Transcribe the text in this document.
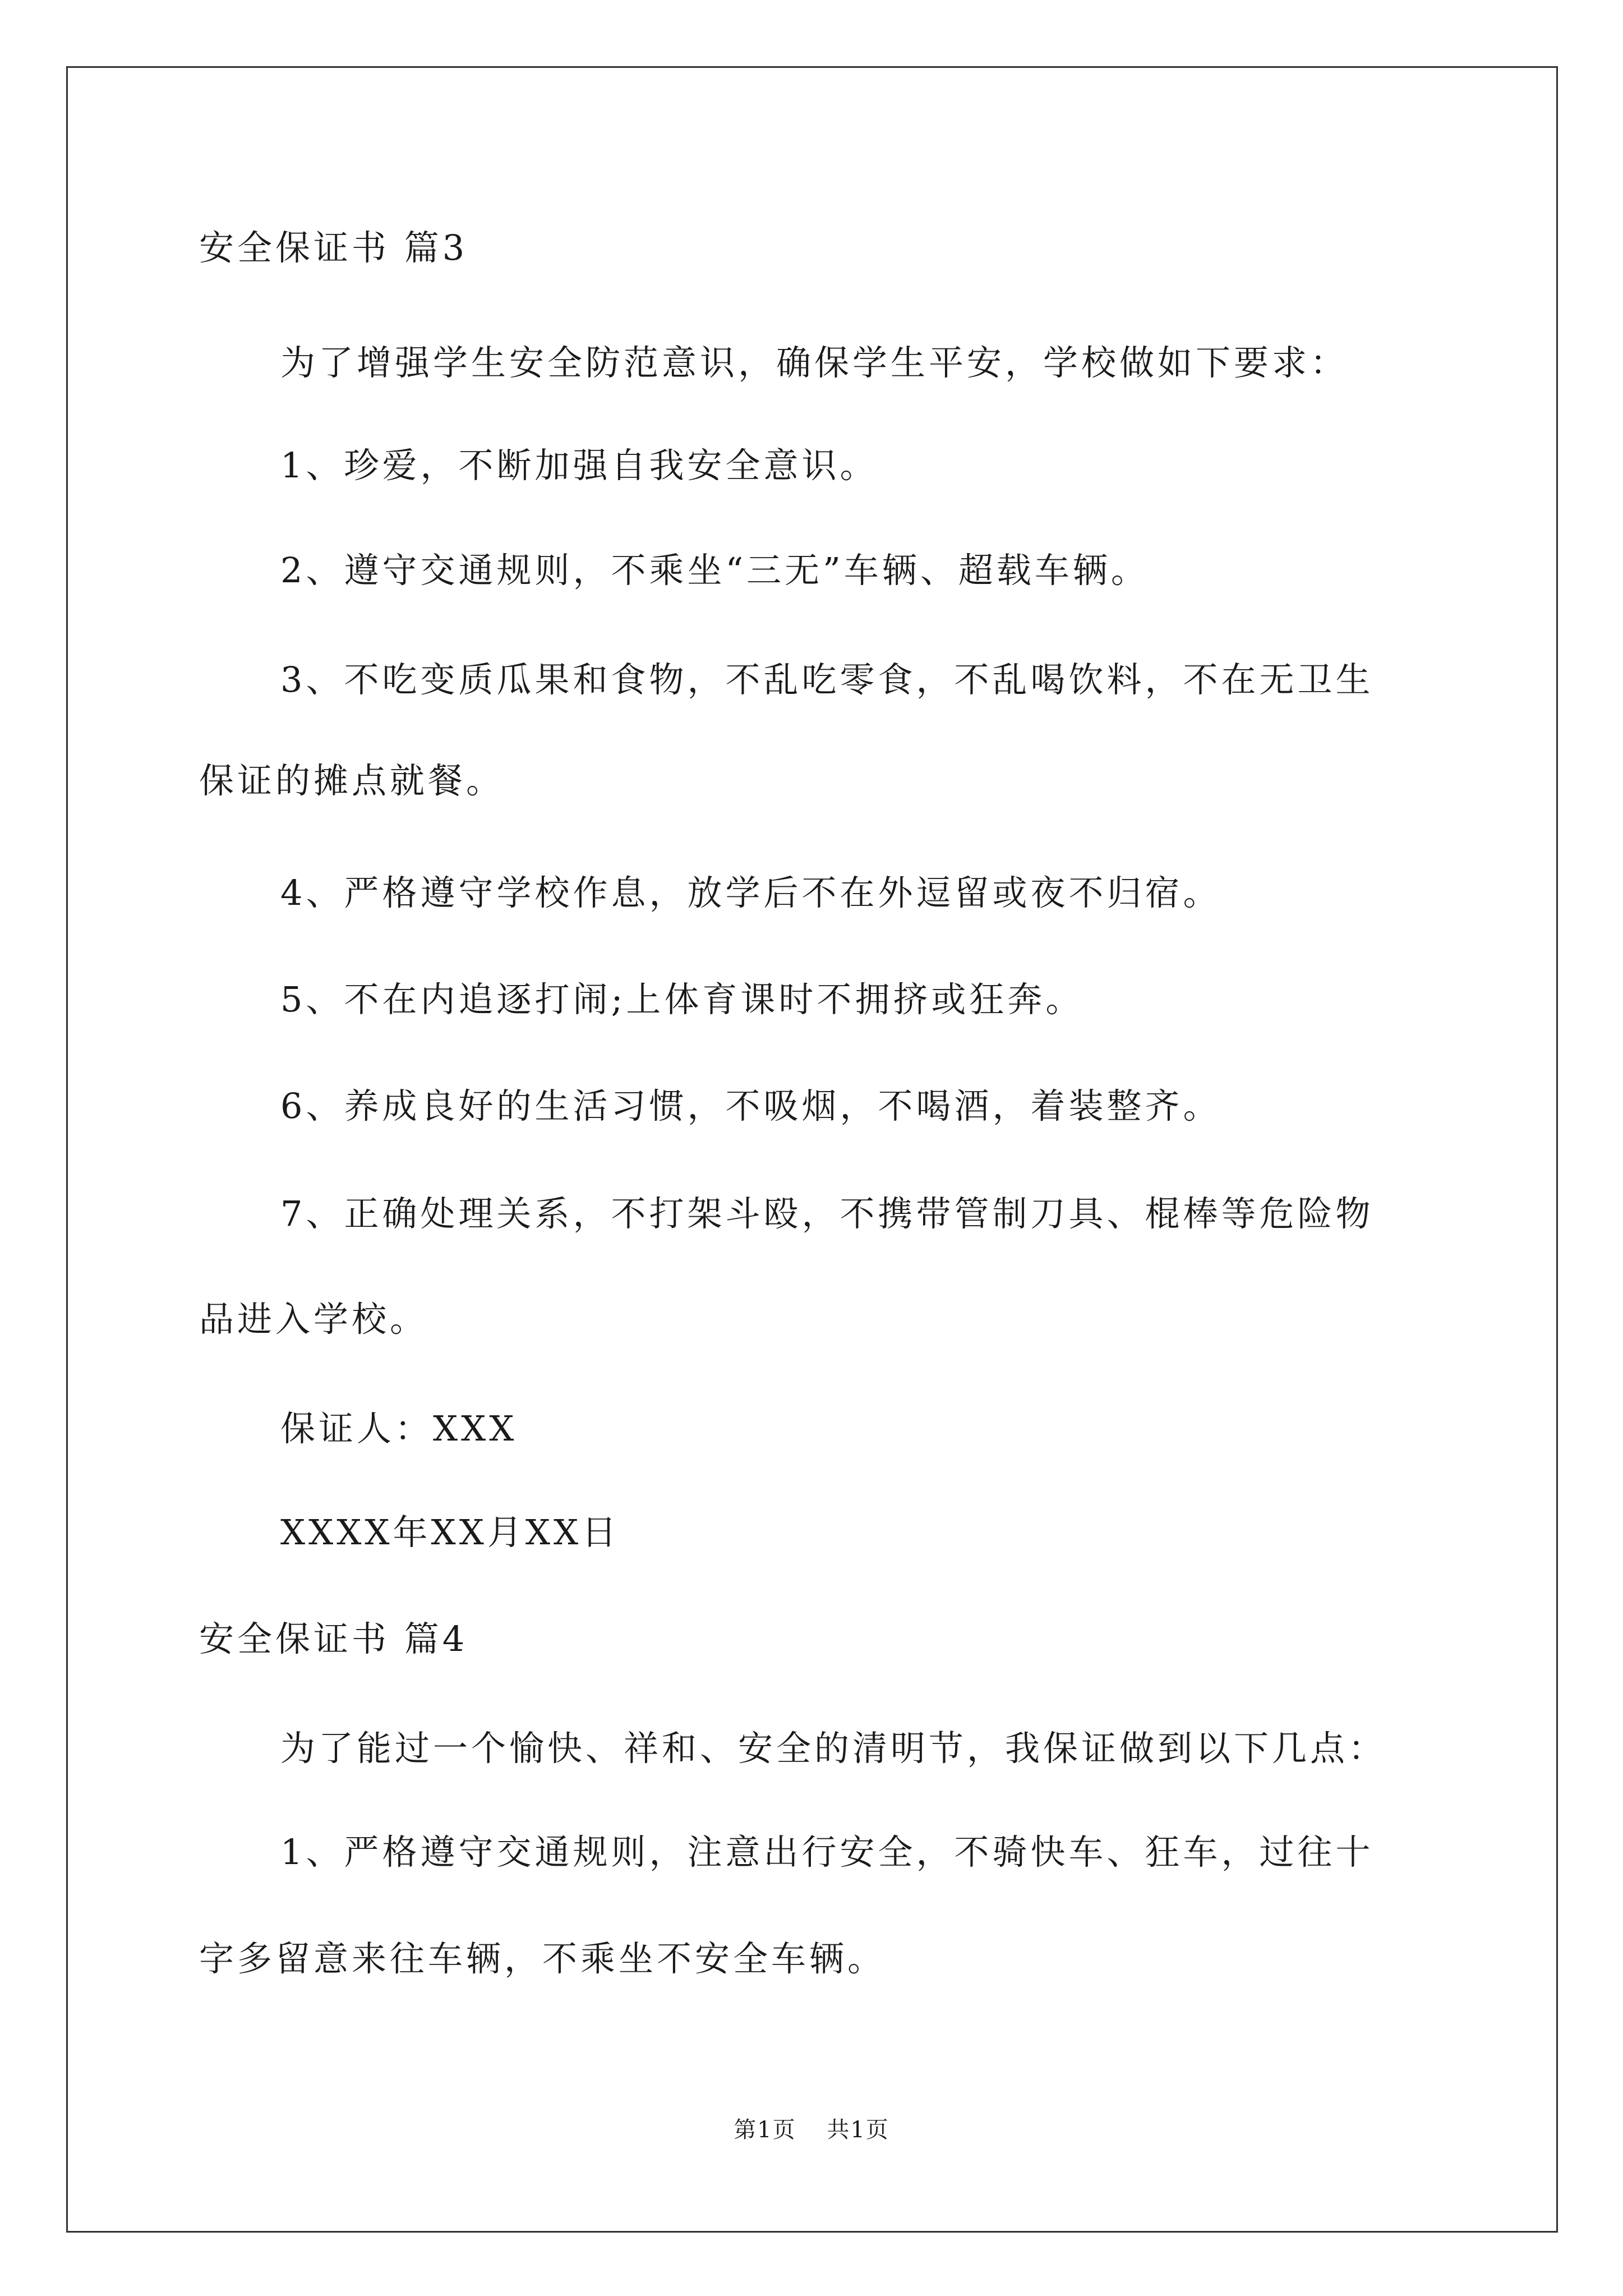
安全保证书 篇3
为了增强学生安全防范意识，确保学生平安，学校做如下要求：
1、珍爱，不断加强自我安全意识。
2、遵守交通规则，不乘坐“三无”车辆、超载车辆。
3、不吃变质瓜果和食物，不乱吃零食，不乱喝饮料，不在无卫生
保证的摊点就餐。
4、严格遵守学校作息，放学后不在外逗留或夜不归宿。
5、不在内追逐打闹;上体育课时不拥挤或狂奔。
6、养成良好的生活习惯，不吸烟，不喝酒，着装整齐。
7、正确处理关系，不打架斗殴，不携带管制刀具、棍棒等危险物
品进入学校。
保证人：XXX
XXXX年XX月XX日
安全保证书 篇4
为了能过一个愉快、祥和、安全的清明节，我保证做到以下几点：
1、严格遵守交通规则，注意出行安全，不骑快车、狂车，过往十
字多留意来往车辆，不乘坐不安全车辆。
第1页 共1页
